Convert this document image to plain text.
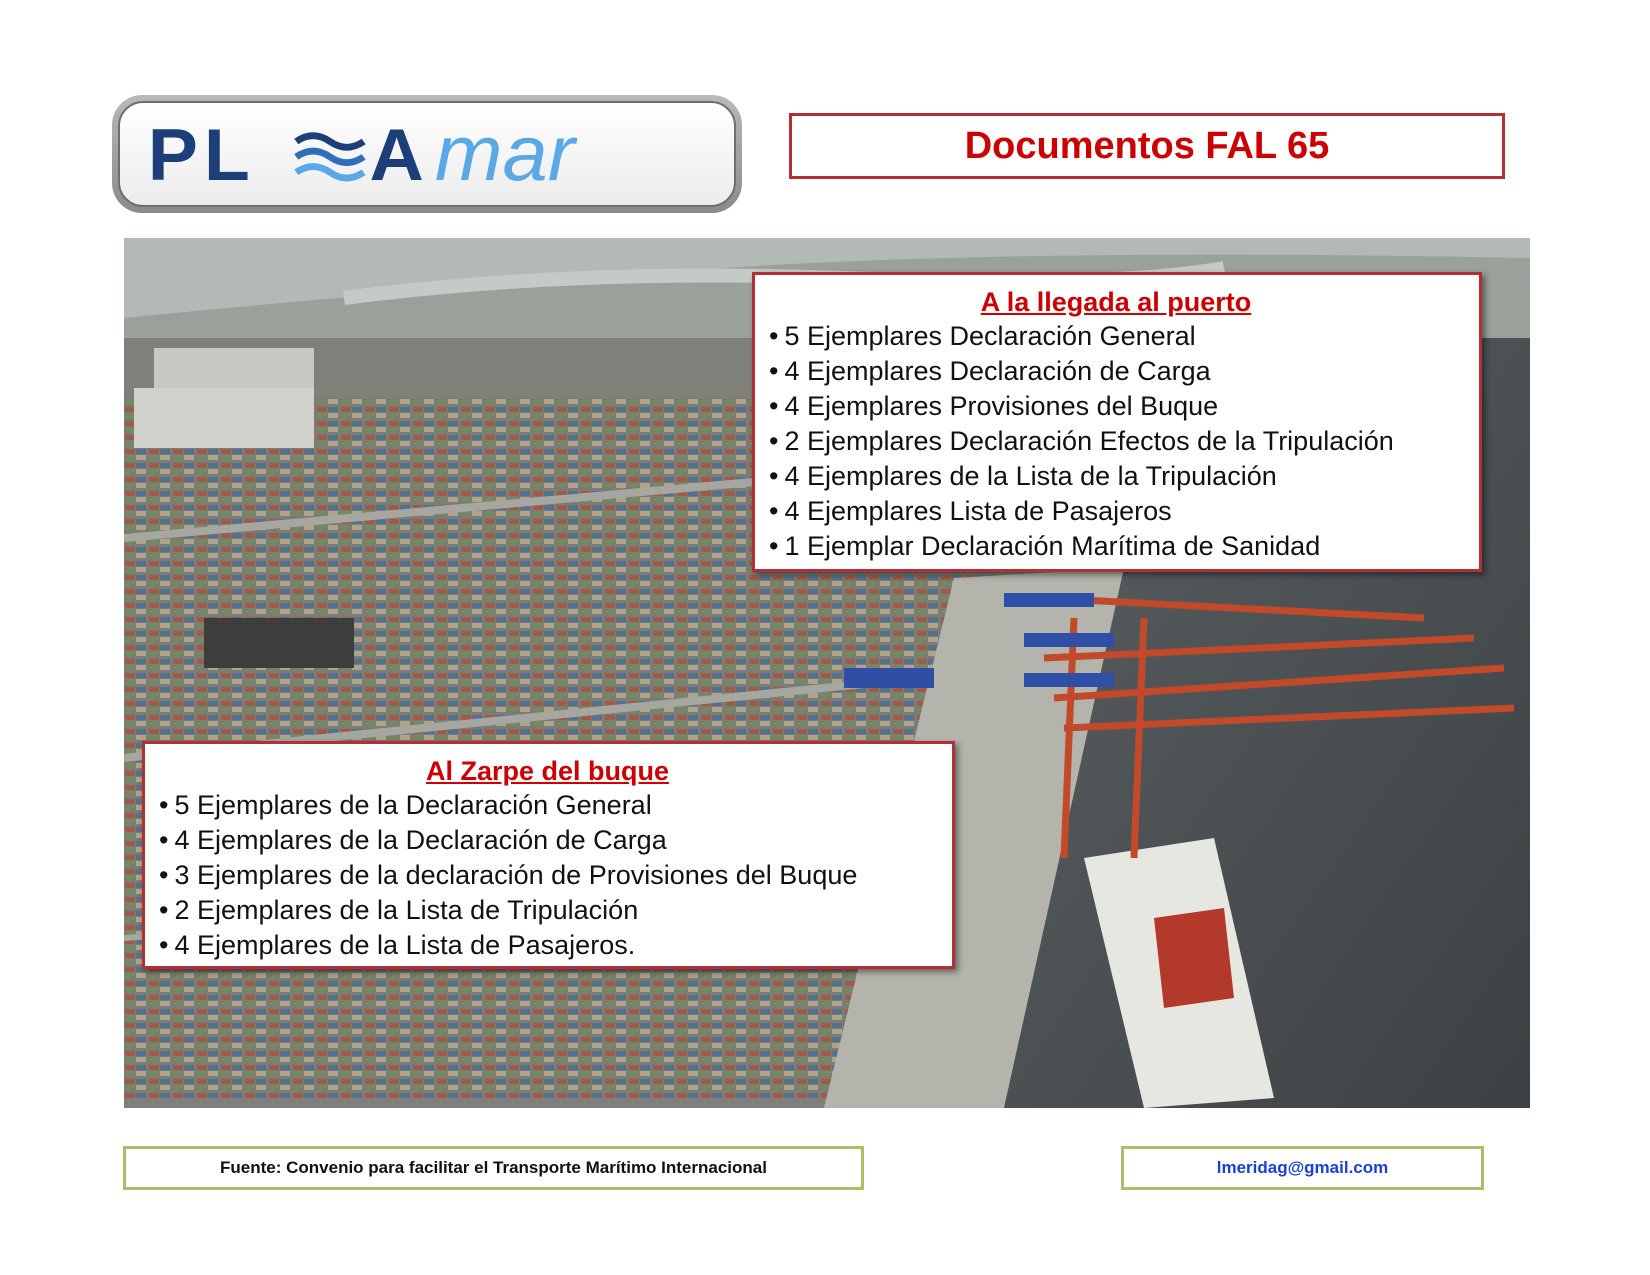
PL A mar	Documentos FAL 65
A la llegada al puerto
• 5 Ejemplares Declaración General
• 4 Ejemplares Declaración de Carga
• 4 Ejemplares Provisiones del Buque
• 2 Ejemplares Declaración Efectos de la Tripulación
• 4 Ejemplares de la Lista de la Tripulación
• 4 Ejemplares Lista de Pasajeros
• 1 Ejemplar Declaración Marítima de Sanidad
Al Zarpe del buque
• 5 Ejemplares de la Declaración General
• 4 Ejemplares de la Declaración de Carga
• 3 Ejemplares de la declaración de Provisiones del Buque
• 2 Ejemplares de la Lista de Tripulación
• 4 Ejemplares de la Lista de Pasajeros.
Fuente: Convenio para facilitar el Transporte Marítimo Internacional	lmeridag@gmail.com
